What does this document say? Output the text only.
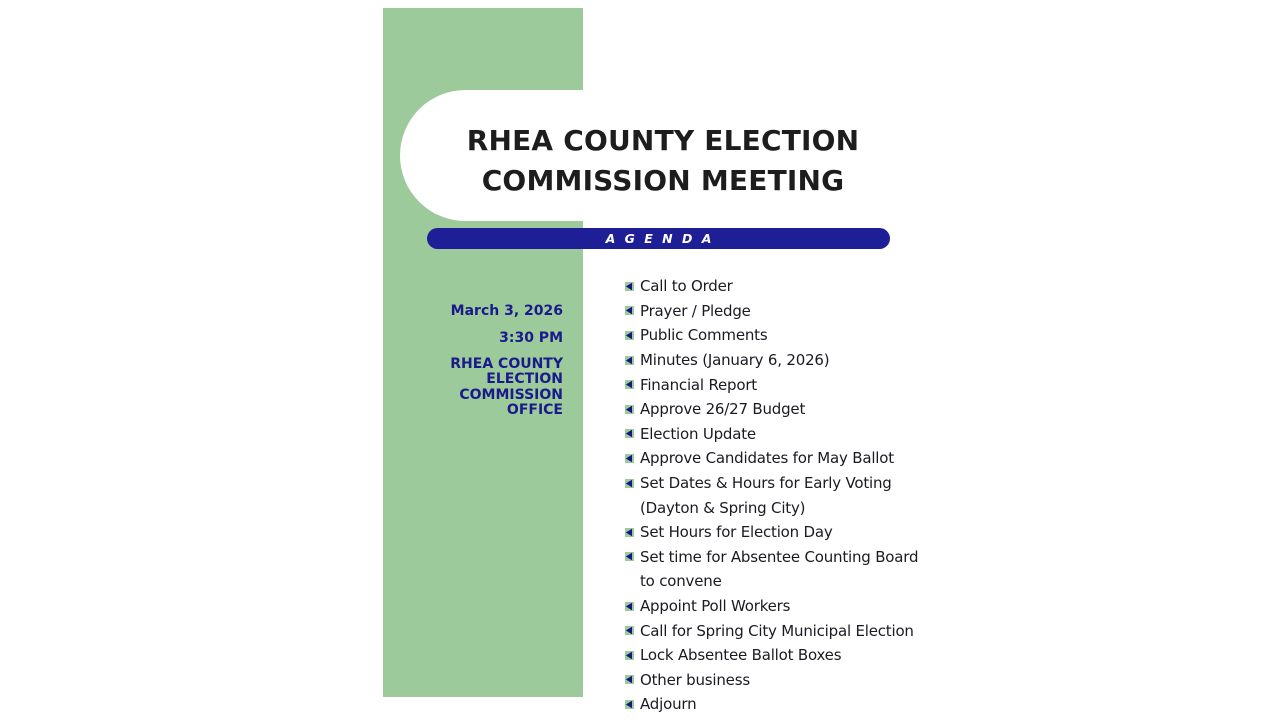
RHEA COUNTY ELECTION
COMMISSION MEETING
A G E N D A
March 3, 2026
3:30 PM
RHEA COUNTY
ELECTION
COMMISSION
OFFICE
Call to Order
Prayer / Pledge
Public Comments
Minutes (January 6, 2026)
Financial Report
Approve 26/27 Budget
Election Update
Approve Candidates for May Ballot
Set Dates & Hours for Early Voting
(Dayton & Spring City)
Set Hours for Election Day
Set time for Absentee Counting Board
to convene
Appoint Poll Workers
Call for Spring City Municipal Election
Lock Absentee Ballot Boxes
Other business
Adjourn
